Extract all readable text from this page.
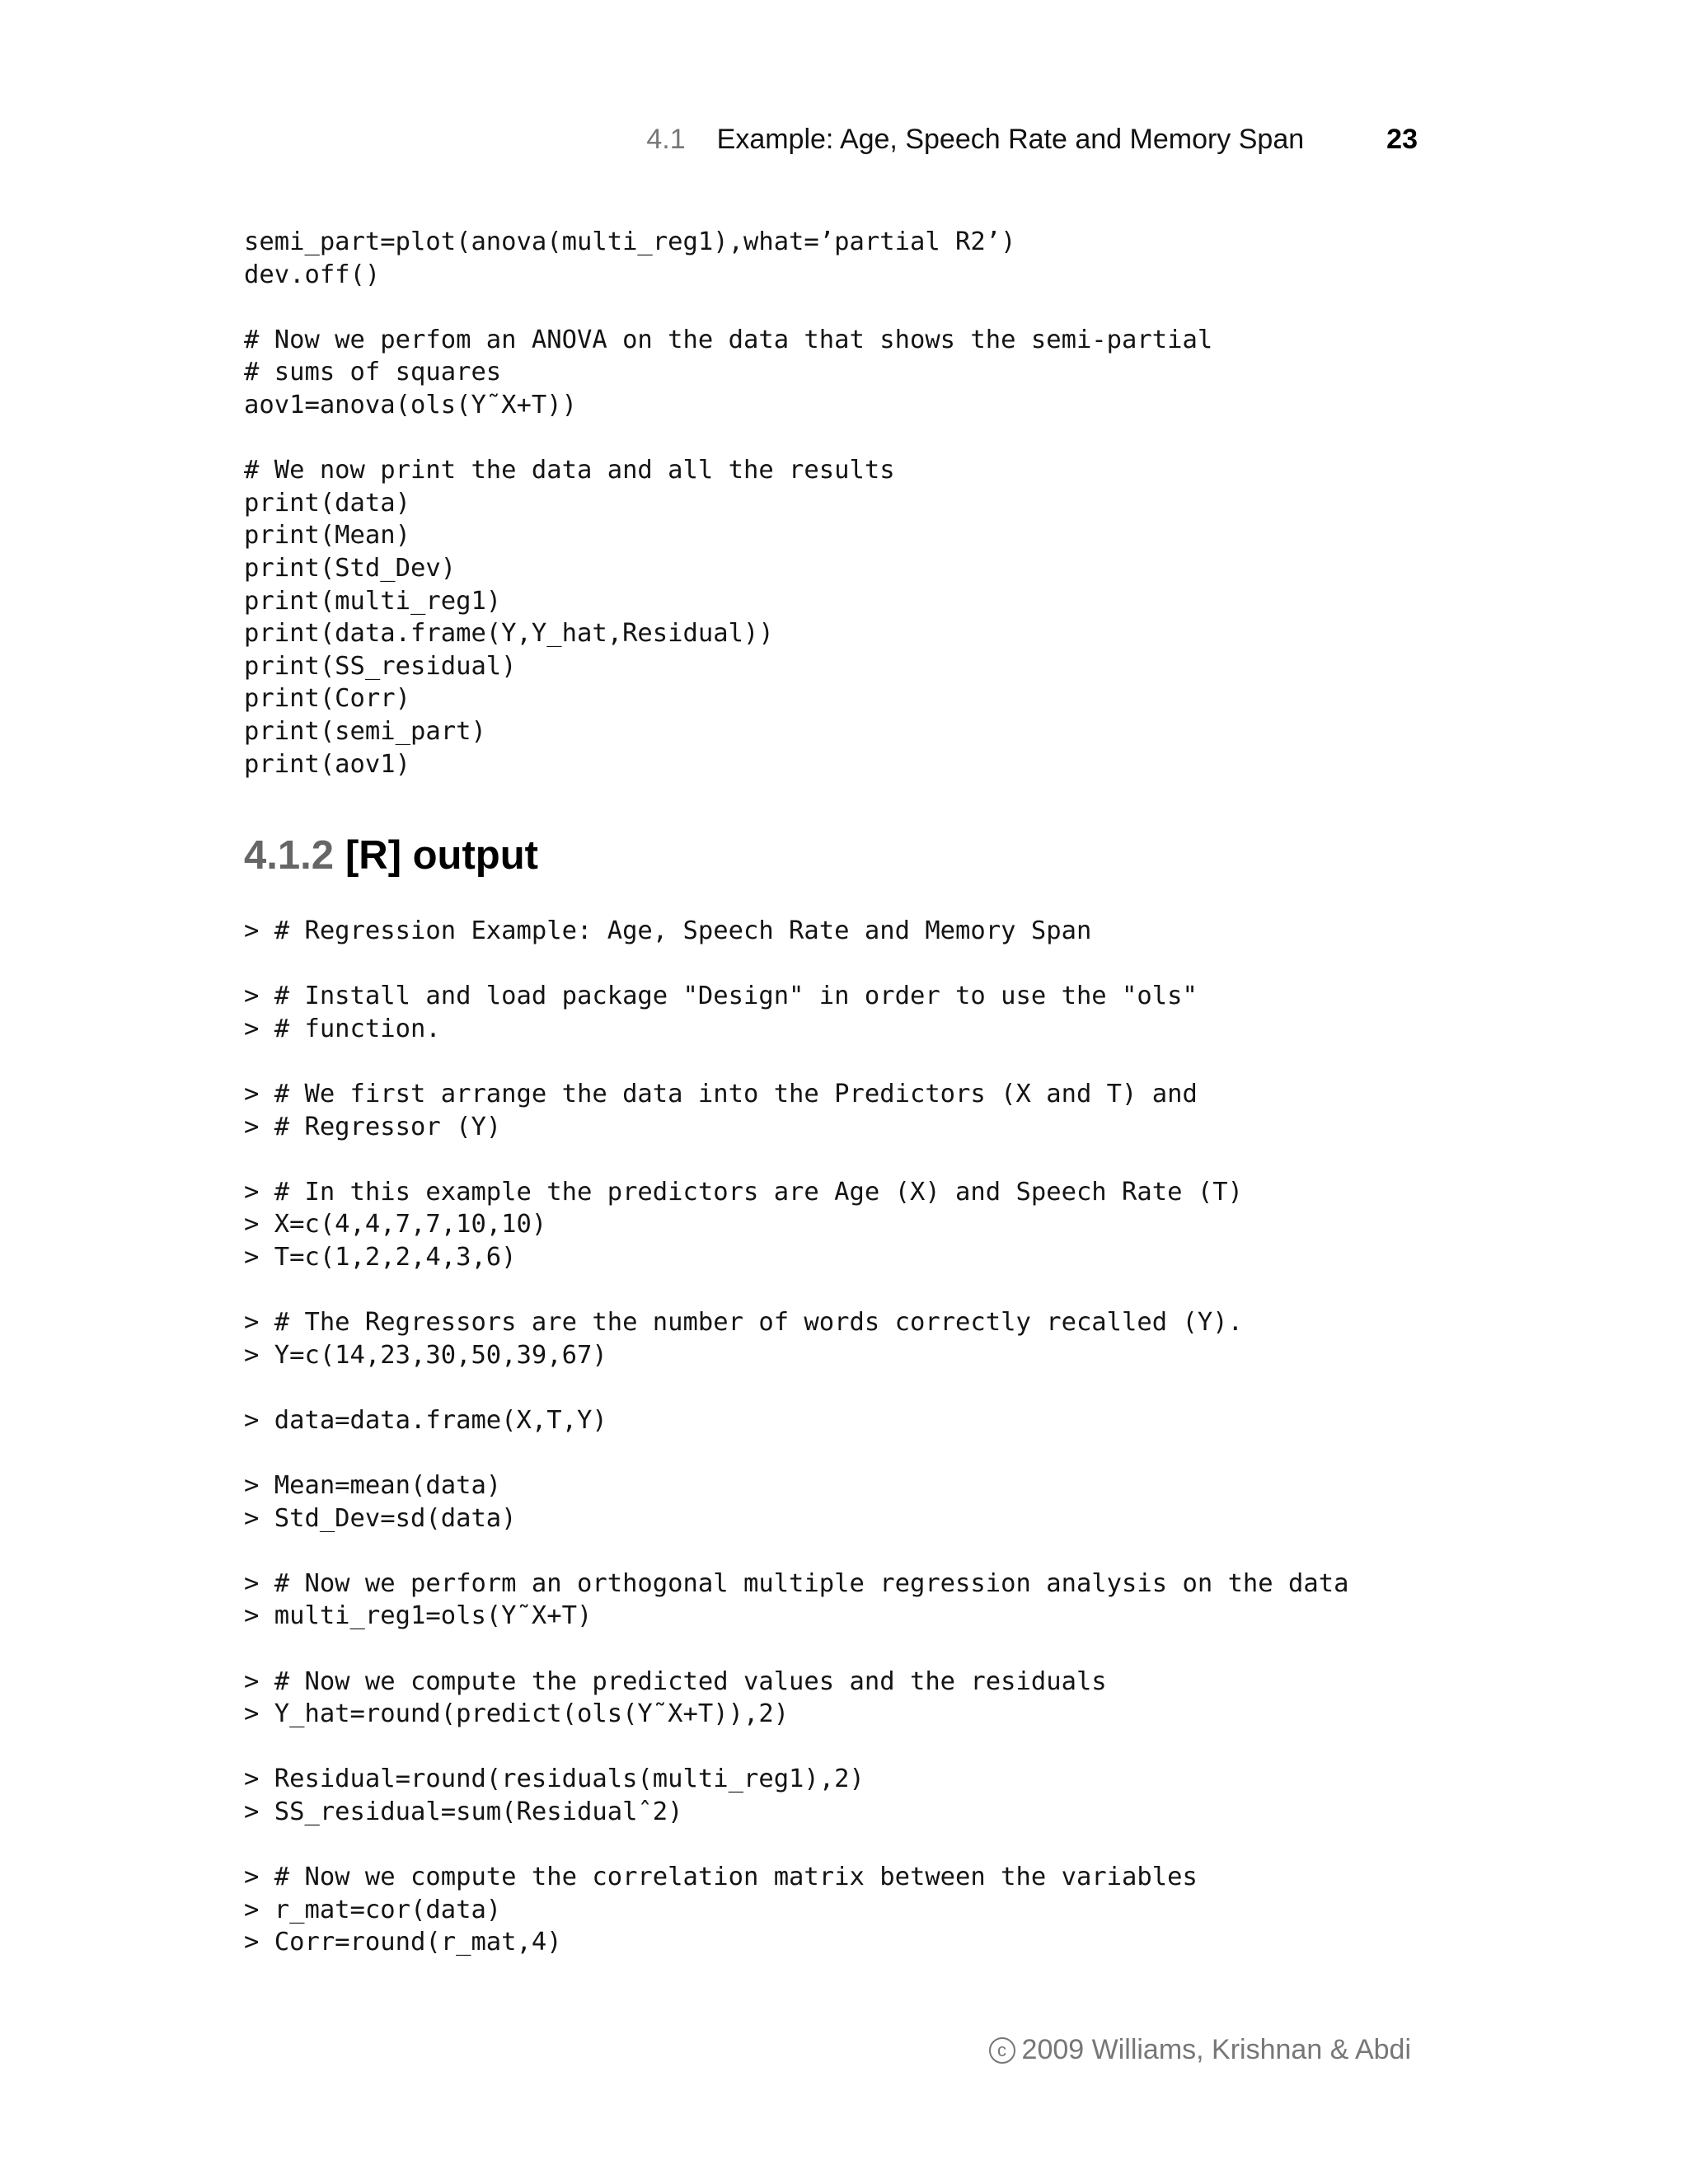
4.1 Example: Age, Speech Rate and Memory Span	23
semi_part=plot(anova(multi_reg1),what=’partial R2’)
dev.off()
# Now we perfom an ANOVA on the data that shows the semi-partial
# sums of squares
aov1=anova(ols(Y˜X+T))
# We now print the data and all the results
print(data)
print(Mean)
print(Std_Dev)
print(multi_reg1)
print(data.frame(Y,Y_hat,Residual))
print(SS_residual)
print(Corr)
print(semi_part)
print(aov1)
4.1.2 [R] output
> # Regression Example: Age, Speech Rate and Memory Span
> # Install and load package "Design" in order to use the "ols"
> # function.
> # We first arrange the data into the Predictors (X and T) and
> # Regressor (Y)
> # In this example the predictors are Age (X) and Speech Rate (T)
> X=c(4,4,7,7,10,10)
> T=c(1,2,2,4,3,6)
> # The Regressors are the number of words correctly recalled (Y).
> Y=c(14,23,30,50,39,67)
> data=data.frame(X,T,Y)
> Mean=mean(data)
> Std_Dev=sd(data)
> # Now we perform an orthogonal multiple regression analysis on the data
> multi_reg1=ols(Y˜X+T)
> # Now we compute the predicted values and the residuals
> Y_hat=round(predict(ols(Y˜X+T)),2)
> Residual=round(residuals(multi_reg1),2)
> SS_residual=sum(Residualˆ2)
> # Now we compute the correlation matrix between the variables
> r_mat=cor(data)
> Corr=round(r_mat,4)
c 2009 Williams, Krishnan & Abdi
